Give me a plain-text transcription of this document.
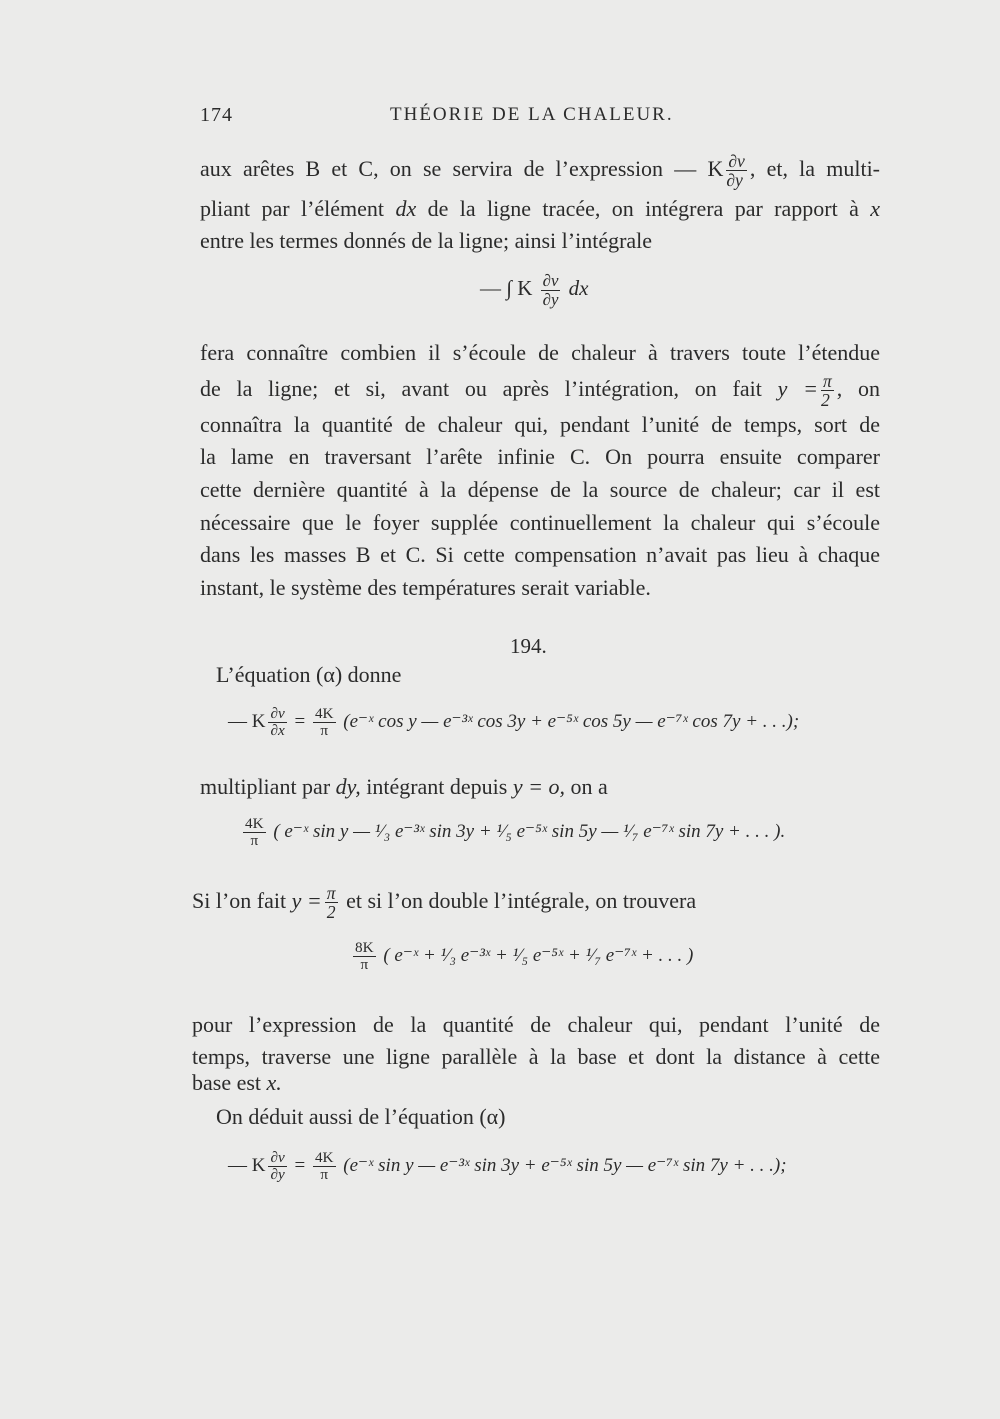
174	THÉORIE DE LA CHALEUR.
aux arêtes B et C, on se servira de l’expression — K $\frac{\partial v}{\partial y}$ , et, la multi-
pliant par l’élément dx de la ligne tracée, on intégrera par rapport à x
entre les termes donnés de la ligne; ainsi l’intégrale
— ∫ K $\frac{\partial v}{\partial y}$ dx
fera connaître combien il s’écoule de chaleur à travers toute l’étendue
de la ligne; et si, avant ou après l’intégration, on fait $y = \frac{\pi}{2}$ , on
connaîtra la quantité de chaleur qui, pendant l’unité de temps, sort de
la lame en traversant l’arête infinie C. On pourra ensuite comparer
cette dernière quantité à la dépense de la source de chaleur; car il est
nécessaire que le foyer supplée continuellement la chaleur qui s’écoule
dans les masses B et C. Si cette compensation n’avait pas lieu à chaque
instant, le système des températures serait variable.
194.
L’équation (α) donne
— K $\frac{\partial v}{\partial x} = \frac{4K}{\pi}$ (e⁻ˣ cos y — e⁻³ˣ cos 3y + e⁻⁵ˣ cos 5y — e⁻⁷ˣ cos 7y + . . .);
multipliant par dy, intégrant depuis y = o, on a
$\frac{4K}{\pi}$ ( e⁻ˣ sin y — ¹⁄₃ e⁻³ˣ sin 3y + ¹⁄₅ e⁻⁵ˣ sin 5y — ¹⁄₇ e⁻⁷ˣ sin 7y + . . . ).
Si l’on fait $y = \frac{\pi}{2}$ et si l’on double l’intégrale, on trouvera
$\frac{8K}{\pi}$ ( e⁻ˣ + ¹⁄₃ e⁻³ˣ + ¹⁄₅ e⁻⁵ˣ + ¹⁄₇ e⁻⁷ˣ + . . . )
pour l’expression de la quantité de chaleur qui, pendant l’unité de
temps, traverse une ligne parallèle à la base et dont la distance à cette
base est x.
On déduit aussi de l’équation (α)
— K $\frac{\partial v}{\partial y} = \frac{4K}{\pi}$ (e⁻ˣ sin y — e⁻³ˣ sin 3y + e⁻⁵ˣ sin 5y — e⁻⁷ˣ sin 7y + . . .);
